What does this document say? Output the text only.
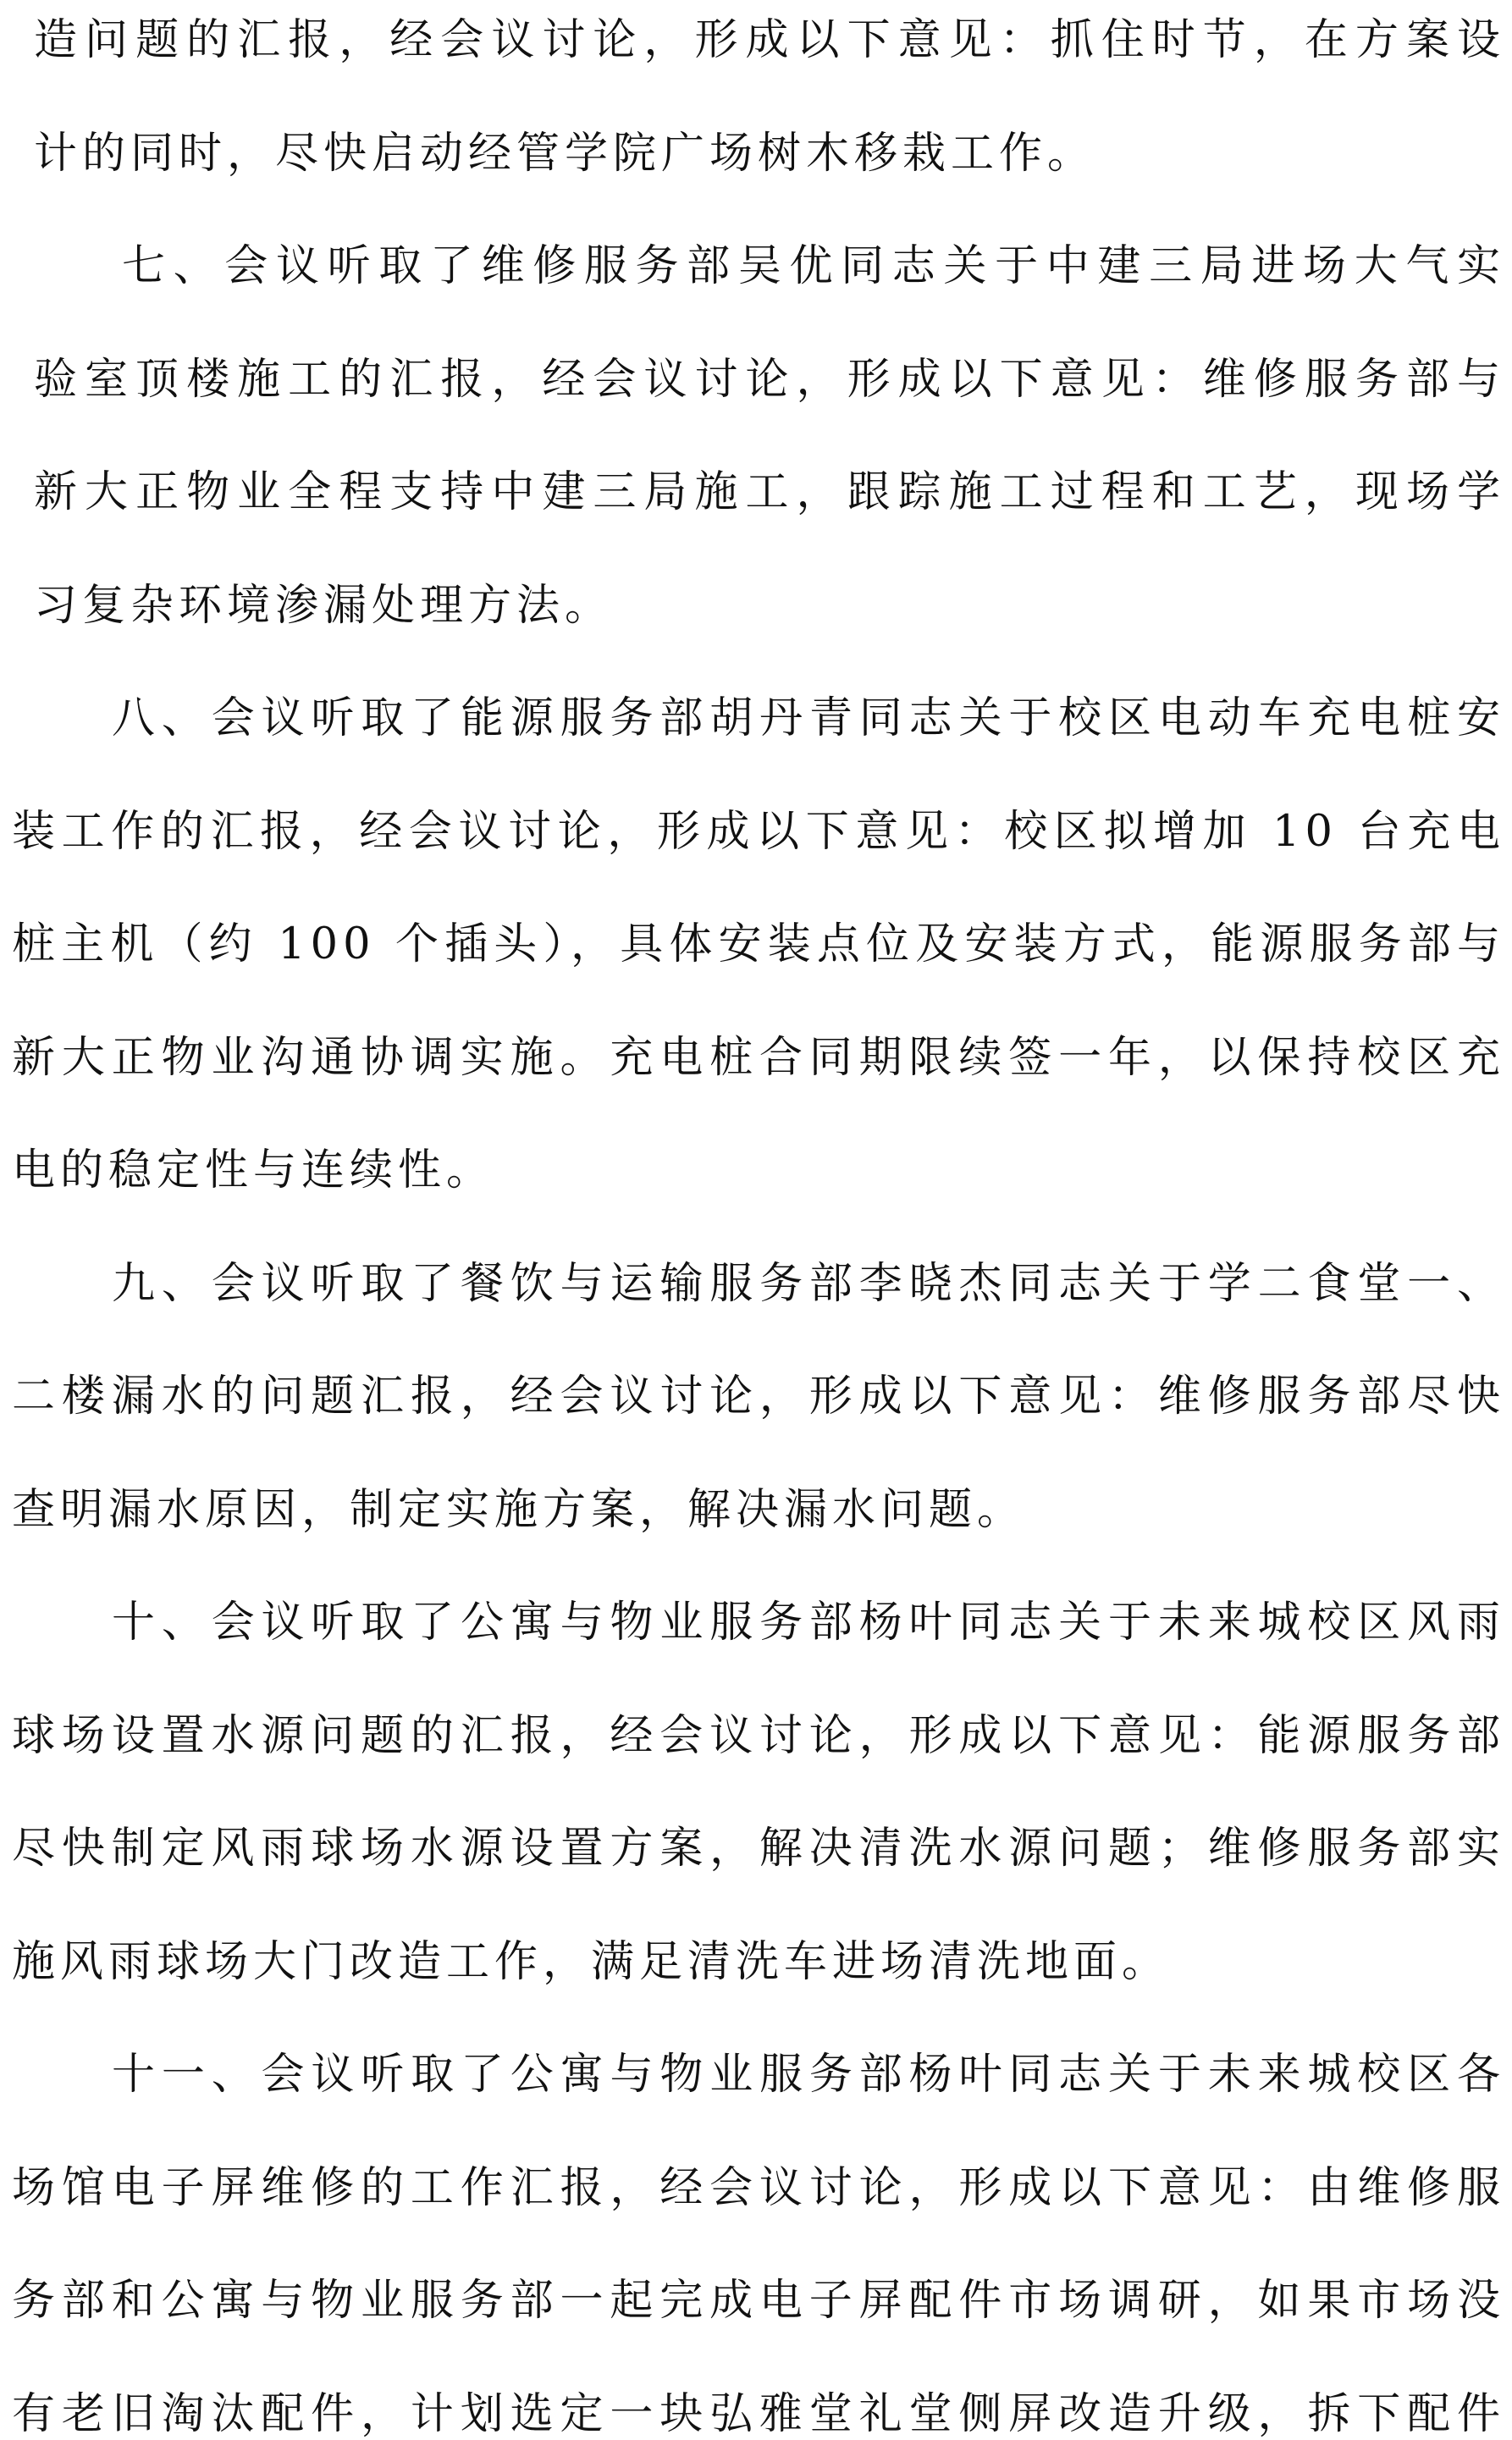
造问题的汇报，经会议讨论，形成以下意见：抓住时节，在方案设
计的同时，尽快启动经管学院广场树木移栽工作。
七、会议听取了维修服务部吴优同志关于中建三局进场大气实
验室顶楼施工的汇报，经会议讨论，形成以下意见：维修服务部与
新大正物业全程支持中建三局施工，跟踪施工过程和工艺，现场学
习复杂环境渗漏处理方法。
八、会议听取了能源服务部胡丹青同志关于校区电动车充电桩安
装工作的汇报，经会议讨论，形成以下意见：校区拟增加 10 台充电
桩主机（约 100 个插头），具体安装点位及安装方式，能源服务部与
新大正物业沟通协调实施。充电桩合同期限续签一年，以保持校区充
电的稳定性与连续性。
九、会议听取了餐饮与运输服务部李晓杰同志关于学二食堂一、
二楼漏水的问题汇报，经会议讨论，形成以下意见：维修服务部尽快
查明漏水原因，制定实施方案，解决漏水问题。
十、会议听取了公寓与物业服务部杨叶同志关于未来城校区风雨
球场设置水源问题的汇报，经会议讨论，形成以下意见：能源服务部
尽快制定风雨球场水源设置方案，解决清洗水源问题；维修服务部实
施风雨球场大门改造工作，满足清洗车进场清洗地面。
十一、会议听取了公寓与物业服务部杨叶同志关于未来城校区各
场馆电子屏维修的工作汇报，经会议讨论，形成以下意见：由维修服
务部和公寓与物业服务部一起完成电子屏配件市场调研，如果市场没
有老旧淘汰配件，计划选定一块弘雅堂礼堂侧屏改造升级，拆下配件
